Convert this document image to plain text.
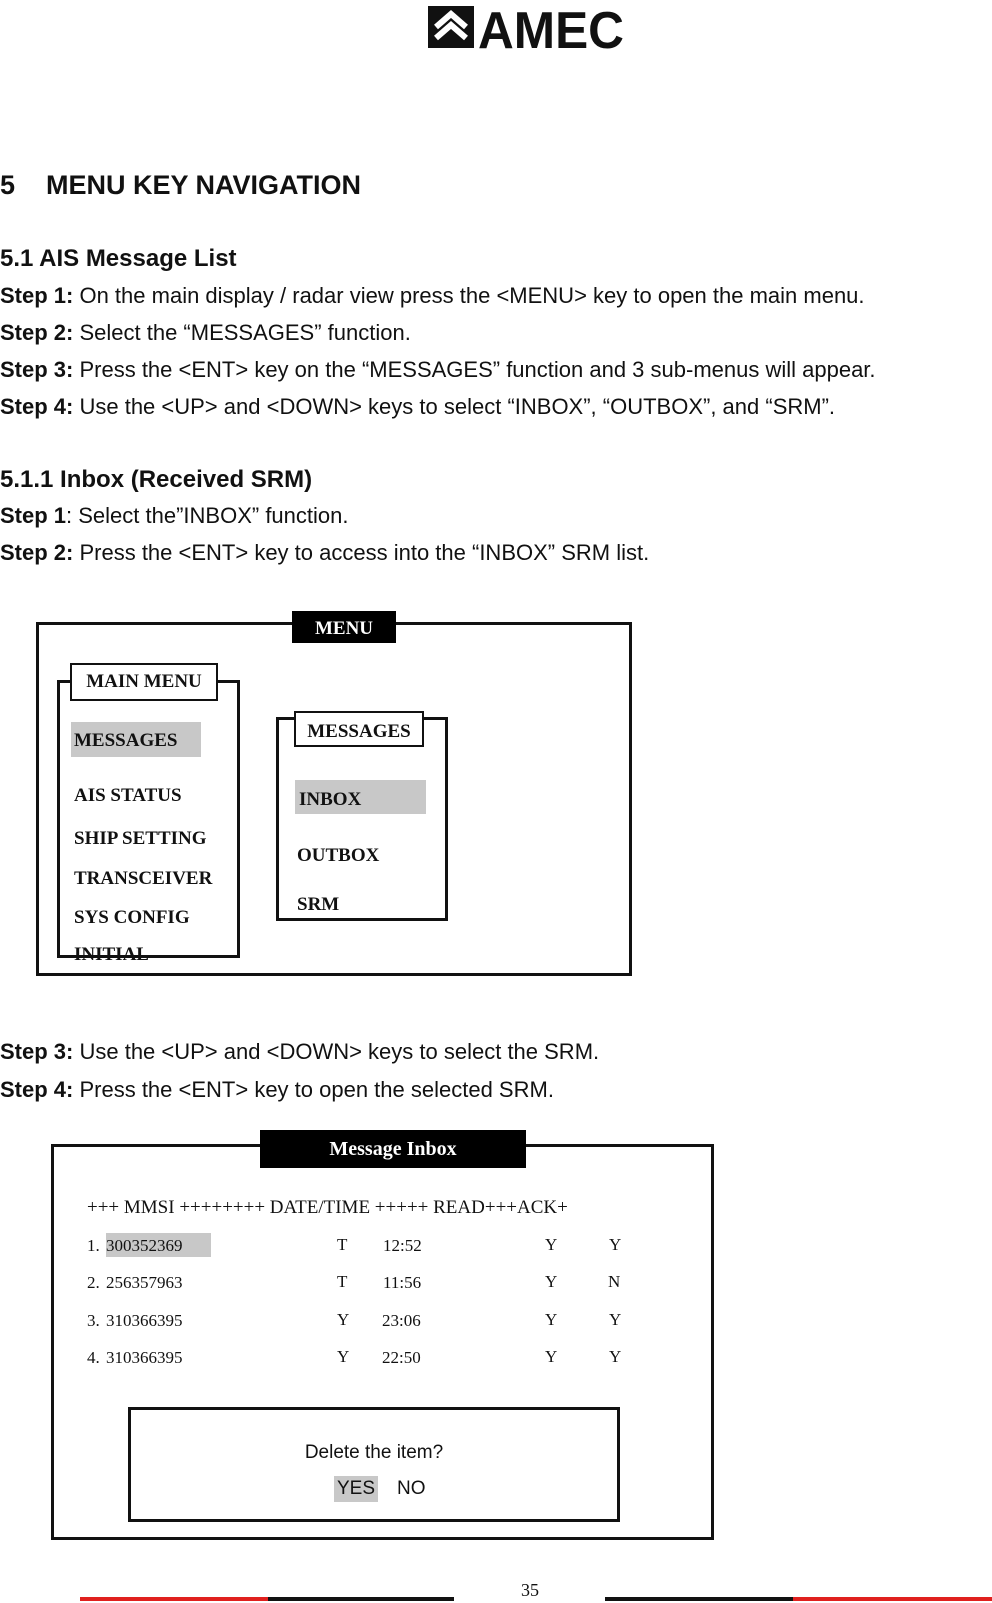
AMEC
5 MENU KEY NAVIGATION
5.1 AIS Message List
Step 1: On the main display / radar view press the <MENU> key to open the main menu.
Step 2: Select the “MESSAGES” function.
Step 3: Press the <ENT> key on the “MESSAGES” function and 3 sub-menus will appear.
Step 4: Use the <UP> and <DOWN> keys to select “INBOX”, “OUTBOX”, and “SRM”.
5.1.1 Inbox (Received SRM)
Step 1: Select the”INBOX” function.
Step 2: Press the <ENT> key to access into the “INBOX” SRM list.
MENU
MAIN MENU
MESSAGES
AIS STATUS
SHIP SETTING
TRANSCEIVER
SYS CONFIG
INITIAL
MESSAGES
INBOX
OUTBOX
SRM
Step 3: Use the <UP> and <DOWN> keys to select the SRM.
Step 4: Press the <ENT> key to open the selected SRM.
Message Inbox
+++ MMSI ++++++++ DATE/TIME +++++ READ+++ACK+
1. 300352369	T 12:52	Y	Y
2. 256357963	T 11:56	Y	N
3. 310366395	Y 23:06	Y	Y
4. 310366395	Y 22:50	Y	Y
Delete the item?
YES NO
35
